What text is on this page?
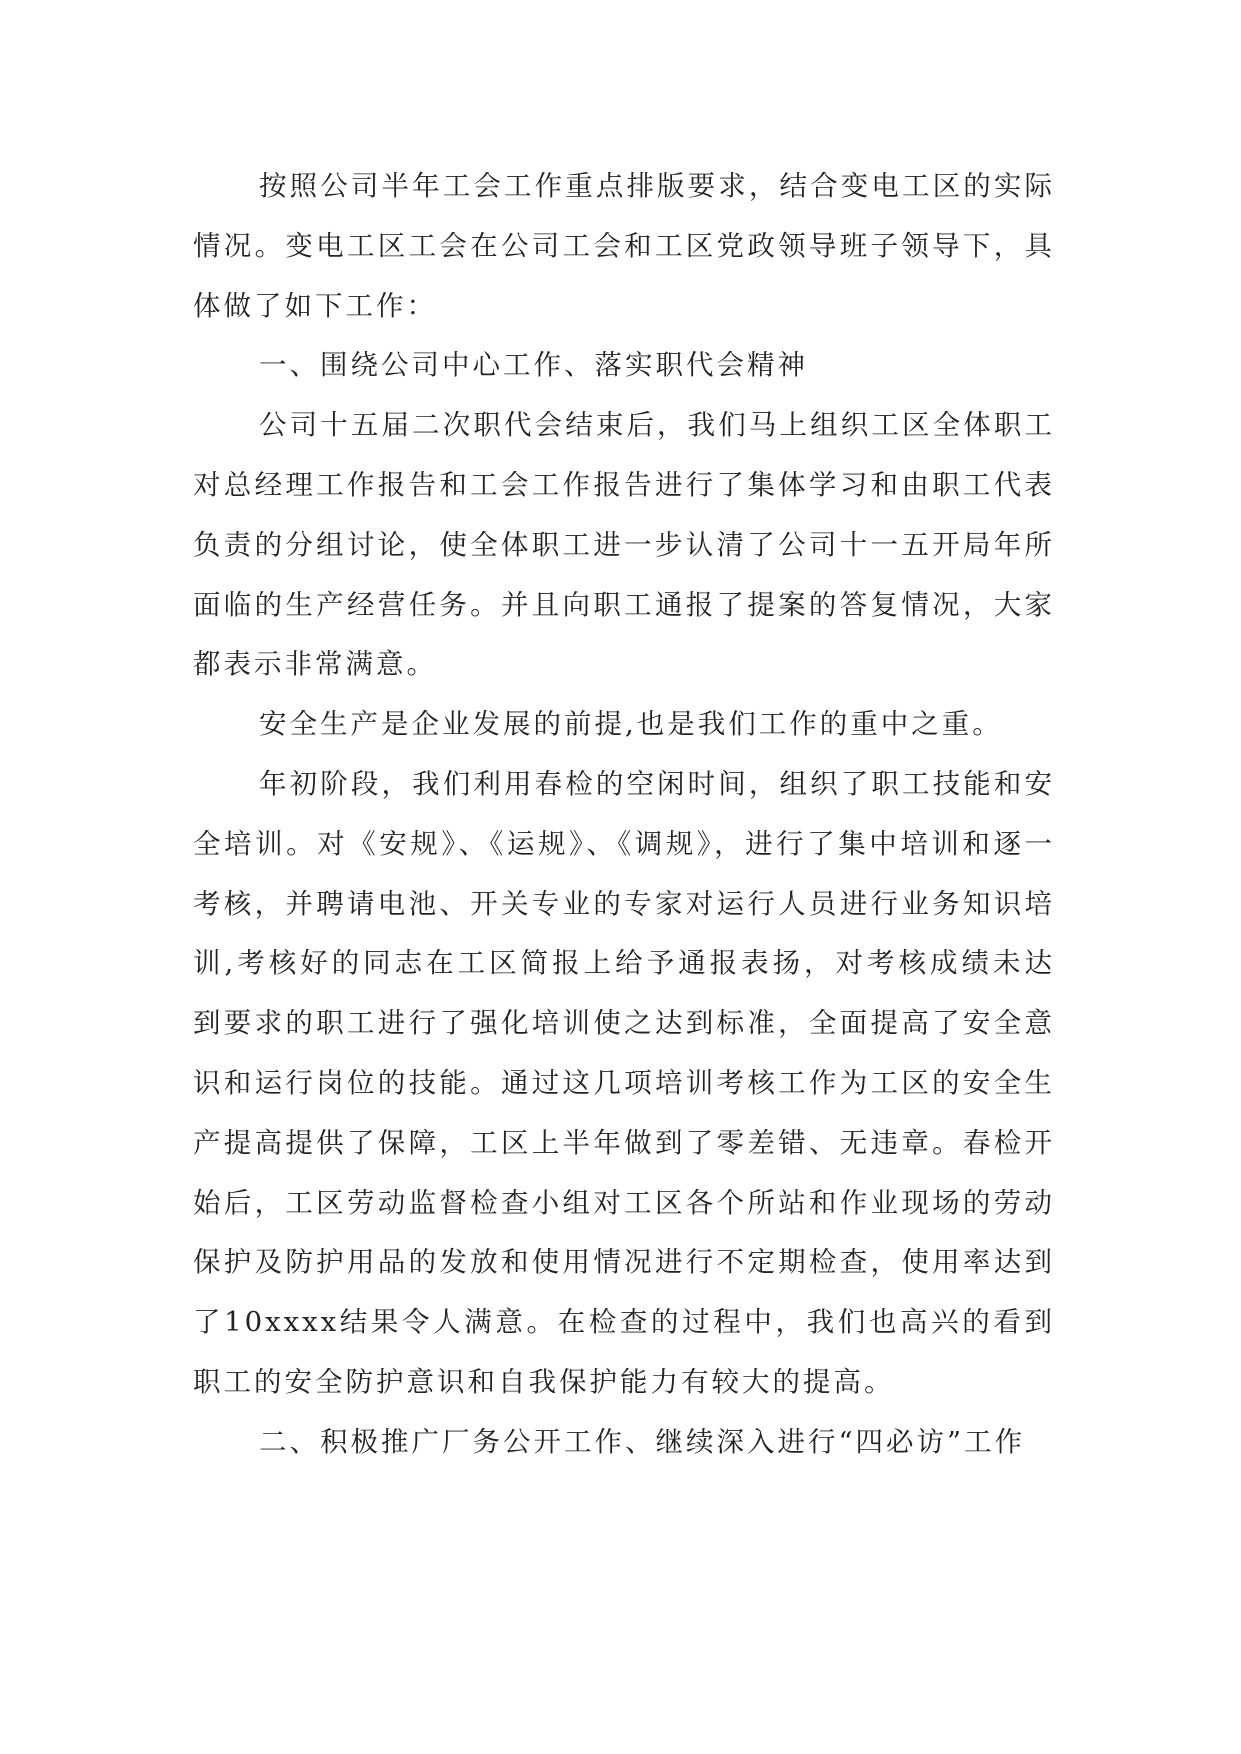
按照公司半年工会工作重点排版要求，结合变电工区的实际情况。变电工区工会在公司工会和工区党政领导班子领导下，具体做了如下工作：

一、围绕公司中心工作、落实职代会精神

公司十五届二次职代会结束后，我们马上组织工区全体职工对总经理工作报告和工会工作报告进行了集体学习和由职工代表负责的分组讨论，使全体职工进一步认清了公司十一五开局年所面临的生产经营任务。并且向职工通报了提案的答复情况，大家都表示非常满意。

安全生产是企业发展的前提,也是我们工作的重中之重。

年初阶段，我们利用春检的空闲时间，组织了职工技能和安全培训。对《安规》、《运规》、《调规》，进行了集中培训和逐一考核，并聘请电池、开关专业的专家对运行人员进行业务知识培训,考核好的同志在工区简报上给予通报表扬，对考核成绩未达到要求的职工进行了强化培训使之达到标准，全面提高了安全意识和运行岗位的技能。通过这几项培训考核工作为工区的安全生产提高提供了保障，工区上半年做到了零差错、无违章。春检开始后，工区劳动监督检查小组对工区各个所站和作业现场的劳动保护及防护用品的发放和使用情况进行不定期检查，使用率达到了10xxxx结果令人满意。在检查的过程中，我们也高兴的看到职工的安全防护意识和自我保护能力有较大的提高。

二、积极推广厂务公开工作、继续深入进行“四必访”工作
